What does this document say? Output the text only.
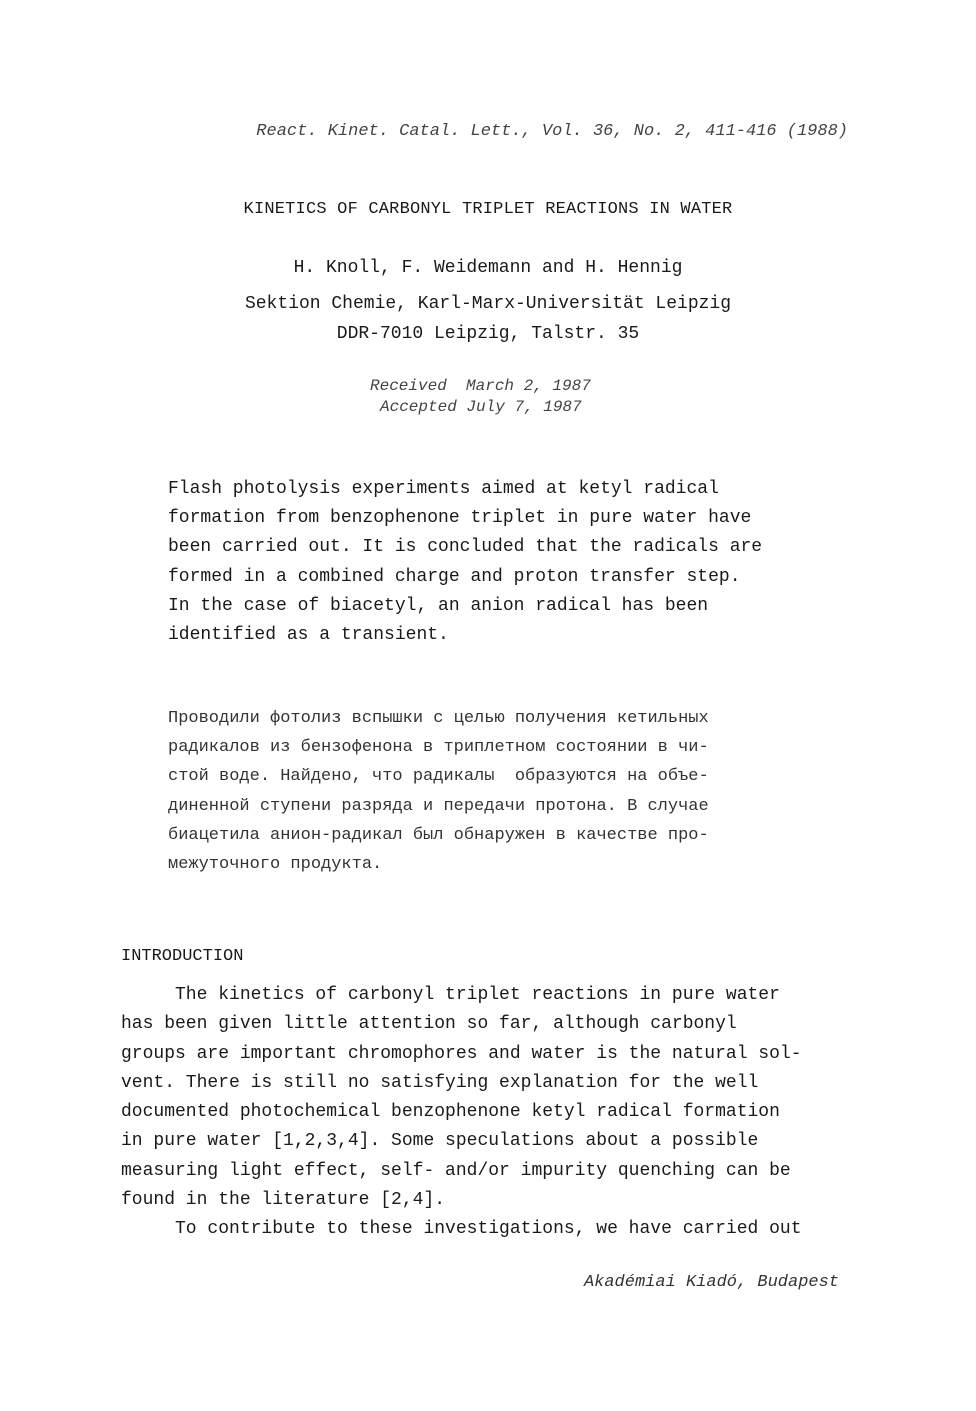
React. Kinet. Catal. Lett., Vol. 36, No. 2, 411-416 (1988)
KINETICS OF CARBONYL TRIPLET REACTIONS IN WATER
H. Knoll, F. Weidemann and H. Hennig
Sektion Chemie, Karl-Marx-Universität Leipzig
DDR-7010 Leipzig, Talstr. 35
Received  March 2, 1987
Accepted July 7, 1987
Flash photolysis experiments aimed at ketyl radical
formation from benzophenone triplet in pure water have
been carried out. It is concluded that the radicals are
formed in a combined charge and proton transfer step.
In the case of biacetyl, an anion radical has been
identified as a transient.
Проводили фотолиз вспышки с целью получения кетильных
радикалов из бензофенона в триплетном состоянии в чи-
стой воде. Найдено, что радикалы  образуются на объе-
диненной ступени разряда и передачи протона. В случае
биацетила анион-радикал был обнаружен в качестве про-
межуточного продукта.
INTRODUCTION
The kinetics of carbonyl triplet reactions in pure water
has been given little attention so far, although carbonyl
groups are important chromophores and water is the natural sol-
vent. There is still no satisfying explanation for the well
documented photochemical benzophenone ketyl radical formation
in pure water [1,2,3,4]. Some speculations about a possible
measuring light effect, self- and/or impurity quenching can be
found in the literature [2,4].
To contribute to these investigations, we have carried out
Akadémiai Kiadó, Budapest
